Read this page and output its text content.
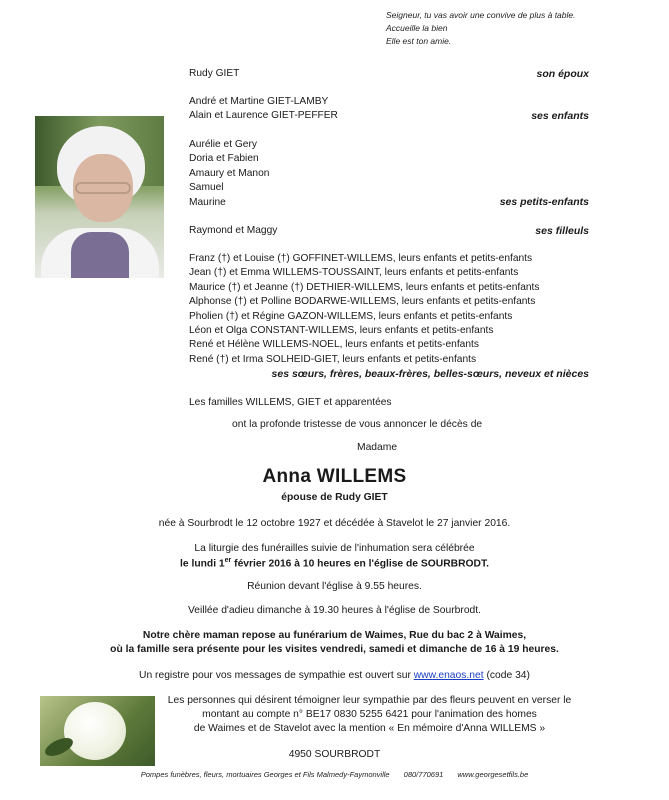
Seigneur, tu vas avoir une convive de plus à table.
Accueille la bien
Elle est ton amie.
Rudy GIET	son époux
André et Martine GIET-LAMBY
Alain et Laurence GIET-PEFFER	ses enfants
Aurélie et Gery
Doria et Fabien
Amaury et Manon
Samuel
Maurine	ses petits-enfants
Raymond et Maggy	ses filleuls
Franz (†) et Louise (†) GOFFINET-WILLEMS, leurs enfants et petits-enfants
Jean (†) et Emma WILLEMS-TOUSSAINT, leurs enfants et petits-enfants
Maurice (†) et Jeanne (†) DETHIER-WILLEMS, leurs enfants et petits-enfants
Alphonse (†) et Polline BODARWE-WILLEMS, leurs enfants et petits-enfants
Pholien (†) et Régine GAZON-WILLEMS, leurs enfants et petits-enfants
Léon et Olga CONSTANT-WILLEMS, leurs enfants et petits-enfants
René et Hélène WILLEMS-NOEL, leurs enfants et petits-enfants
René (†) et Irma SOLHEID-GIET, leurs enfants et petits-enfants
ses sœurs, frères, beaux-frères, belles-sœurs, neveux et nièces
Les familles WILLEMS, GIET et apparentées
ont la profonde tristesse de vous annoncer le décès de
Madame
Anna WILLEMS
épouse de Rudy GIET
née à Sourbrodt le 12 octobre 1927 et décédée à Stavelot le 27 janvier 2016.
La liturgie des funérailles suivie de l'inhumation sera célébrée
le lundi 1er février 2016 à 10 heures en l'église de SOURBRODT.
Réunion devant l'église à 9.55 heures.
Veillée d'adieu dimanche à 19.30 heures à l'église de Sourbrodt.
Notre chère maman repose au funérarium de Waimes, Rue du bac 2 à Waimes,
où la famille sera présente pour les visites vendredi, samedi et dimanche de 16 à 19 heures.
Un registre pour vos messages de sympathie est ouvert sur www.enaos.net (code 34)
Les personnes qui désirent témoigner leur sympathie par des fleurs peuvent en verser le
montant au compte n° BE17 0830 5255 6421 pour l'animation des homes
de Waimes et de Stavelot avec la mention « En mémoire d'Anna WILLEMS »
4950 SOURBRODT
Pompes funèbres, fleurs, mortuaires Georges et Fils Malmedy-Faymonville 080/770691 www.georgesetfils.be
